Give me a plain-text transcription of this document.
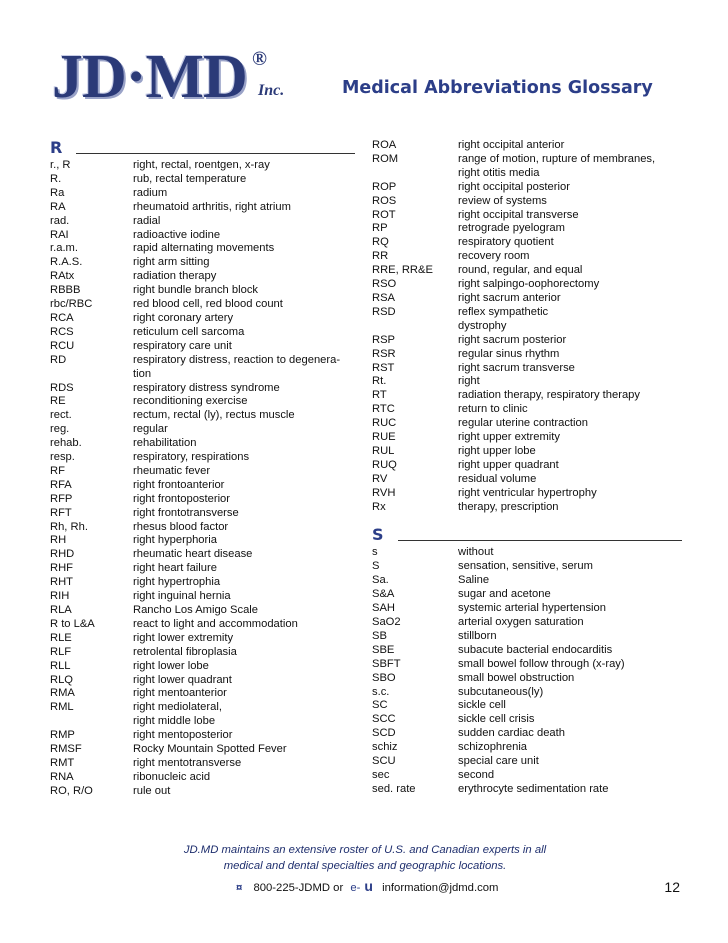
JD·MD ®
Inc.	Medical Abbreviations Glossary
R
r., R	right, rectal, roentgen, x-ray
R.	rub, rectal temperature
Ra	radium
RA	rheumatoid arthritis, right atrium
rad.	radial
RAI	radioactive iodine
r.a.m.	rapid alternating movements
R.A.S.	right arm sitting
RAtx	radiation therapy
RBBB	right bundle branch block
rbc/RBC	red blood cell, red blood count
RCA	right coronary artery
RCS	reticulum cell sarcoma
RCU	respiratory care unit
RD	respiratory distress, reaction to degenera-
tion
RDS	respiratory distress syndrome
RE	reconditioning exercise
rect.	rectum, rectal (ly), rectus muscle
reg.	regular
rehab.	rehabilitation
resp.	respiratory, respirations
RF	rheumatic fever
RFA	right frontoanterior
RFP	right frontoposterior
RFT	right frontotransverse
Rh, Rh.	rhesus blood factor
RH	right hyperphoria
RHD	rheumatic heart disease
RHF	right heart failure
RHT	right hypertrophia
RIH	right inguinal hernia
RLA	Rancho Los Amigo Scale
R to L&A	react to light and accommodation
RLE	right lower extremity
RLF	retrolental fibroplasia
RLL	right lower lobe
RLQ	right lower quadrant
RMA	right mentoanterior
RML	right mediolateral,
right middle lobe
RMP	right mentoposterior
RMSF	Rocky Mountain Spotted Fever
RMT	right mentotransverse
RNA	ribonucleic acid
RO, R/O	rule out
ROA	right occipital anterior
ROM	range of motion, rupture of membranes,
right otitis media
ROP	right occipital posterior
ROS	review of systems
ROT	right occipital transverse
RP	retrograde pyelogram
RQ	respiratory quotient
RR	recovery room
RRE, RR&E	round, regular, and equal
RSO	right salpingo-oophorectomy
RSA	right sacrum anterior
RSD	reflex sympathetic
dystrophy
RSP	right sacrum posterior
RSR	regular sinus rhythm
RST	right sacrum transverse
Rt.	right
RT	radiation therapy, respiratory therapy
RTC	return to clinic
RUC	regular uterine contraction
RUE	right upper extremity
RUL	right upper lobe
RUQ	right upper quadrant
RV	residual volume
RVH	right ventricular hypertrophy
Rx	therapy, prescription
S
s	without
S	sensation, sensitive, serum
Sa.	Saline
S&A	sugar and acetone
SAH	systemic arterial hypertension
SaO2	arterial oxygen saturation
SB	stillborn
SBE	subacute bacterial endocarditis
SBFT	small bowel follow through (x-ray)
SBO	small bowel obstruction
s.c.	subcutaneous(ly)
SC	sickle cell
SCC	sickle cell crisis
SCD	sudden cardiac death
schiz	schizophrenia
SCU	special care unit
sec	second
sed. rate	erythrocyte sedimentation rate
JD.MD maintains an extensive roster of U.S. and Canadian experts in all
medical and dental specialties and geographic locations.
¤ 800-225-JDMD or e- u information@jdmd.com	12
